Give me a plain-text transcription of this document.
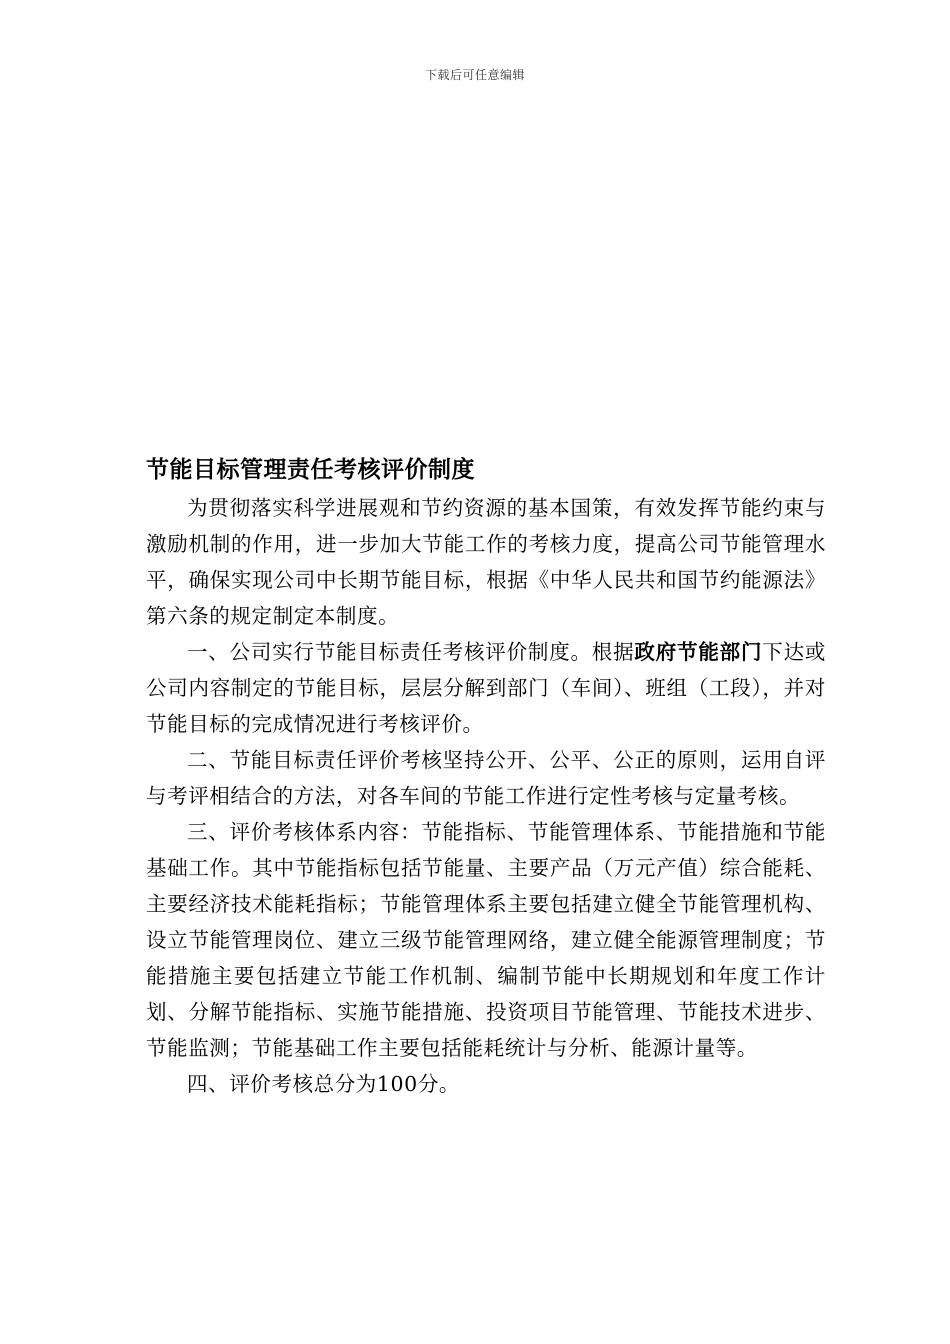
下载后可任意编辑
节能目标管理责任考核评价制度

为贯彻落实科学进展观和节约资源的基本国策，有效发挥节能约束与激励机制的作用，进一步加大节能工作的考核力度，提高公司节能管理水平，确保实现公司中长期节能目标，根据《中华人民共和国节约能源法》第六条的规定制定本制度。

一、公司实行节能目标责任考核评价制度。根据政府节能部门下达或公司内容制定的节能目标，层层分解到部门（车间）、班组（工段），并对节能目标的完成情况进行考核评价。

二、节能目标责任评价考核坚持公开、公平、公正的原则，运用自评与考评相结合的方法，对各车间的节能工作进行定性考核与定量考核。

三、评价考核体系内容：节能指标、节能管理体系、节能措施和节能基础工作。其中节能指标包括节能量、主要产品（万元产值）综合能耗、主要经济技术能耗指标；节能管理体系主要包括建立健全节能管理机构、设立节能管理岗位、建立三级节能管理网络，建立健全能源管理制度；节能措施主要包括建立节能工作机制、编制节能中长期规划和年度工作计划、分解节能指标、实施节能措施、投资项目节能管理、节能技术进步、节能监测；节能基础工作主要包括能耗统计与分析、能源计量等。

四、评价考核总分为100分。
